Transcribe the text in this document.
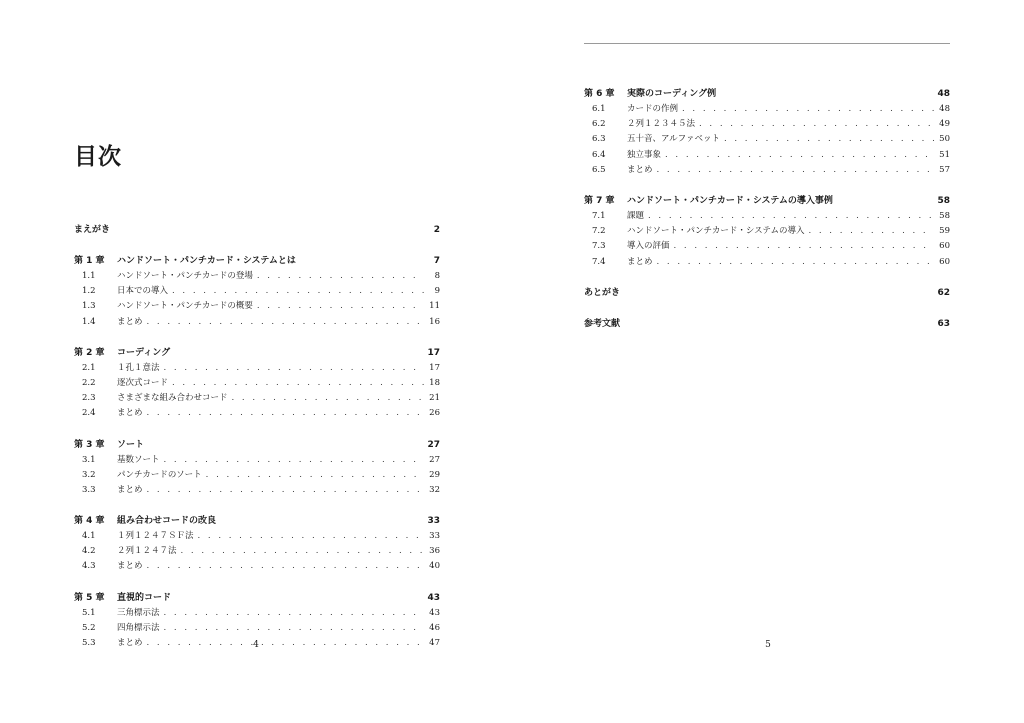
目次
まえがき	2
第 1 章	ハンドソート・パンチカード・システムとは	7
1.1	ハンドソート・パンチカードの登場 . . .	8
1.2	日本での導入 . . .	9
1.3	ハンドソート・パンチカードの概要 . . .	11
1.4	まとめ . . .	16
第 2 章	コーディング	17
2.1	１孔１意法 . . .	17
2.2	逐次式コード . . .	18
2.3	さまざまな組み合わせコード . . .	21
2.4	まとめ . . .	26
第 3 章	ソート	27
3.1	基数ソート . . .	27
3.2	パンチカードのソート . . .	29
3.3	まとめ . . .	32
第 4 章	組み合わせコードの改良	33
4.1	１列１２４７ＳＦ法 . . .	33
4.2	２列１２４７法 . . .	36
4.3	まとめ . . .	40
第 5 章	直視的コード	43
5.1	三角標示法 . . .	43
5.2	四角標示法 . . .	46
5.3	まとめ . . .	47
4
第 6 章	実際のコーディング例	48
6.1	カードの作例 . . .	48
6.2	２列１２３４５法 . . .	49
6.3	五十音、アルファベット . . .	50
6.4	独立事象 . . .	51
6.5	まとめ . . .	57
第 7 章	ハンドソート・パンチカード・システムの導入事例	58
7.1	課題 . . .	58
7.2	ハンドソート・パンチカード・システムの導入 . . .	59
7.3	導入の評価 . . .	60
7.4	まとめ . . .	60
あとがき	62
参考文献	63
5
